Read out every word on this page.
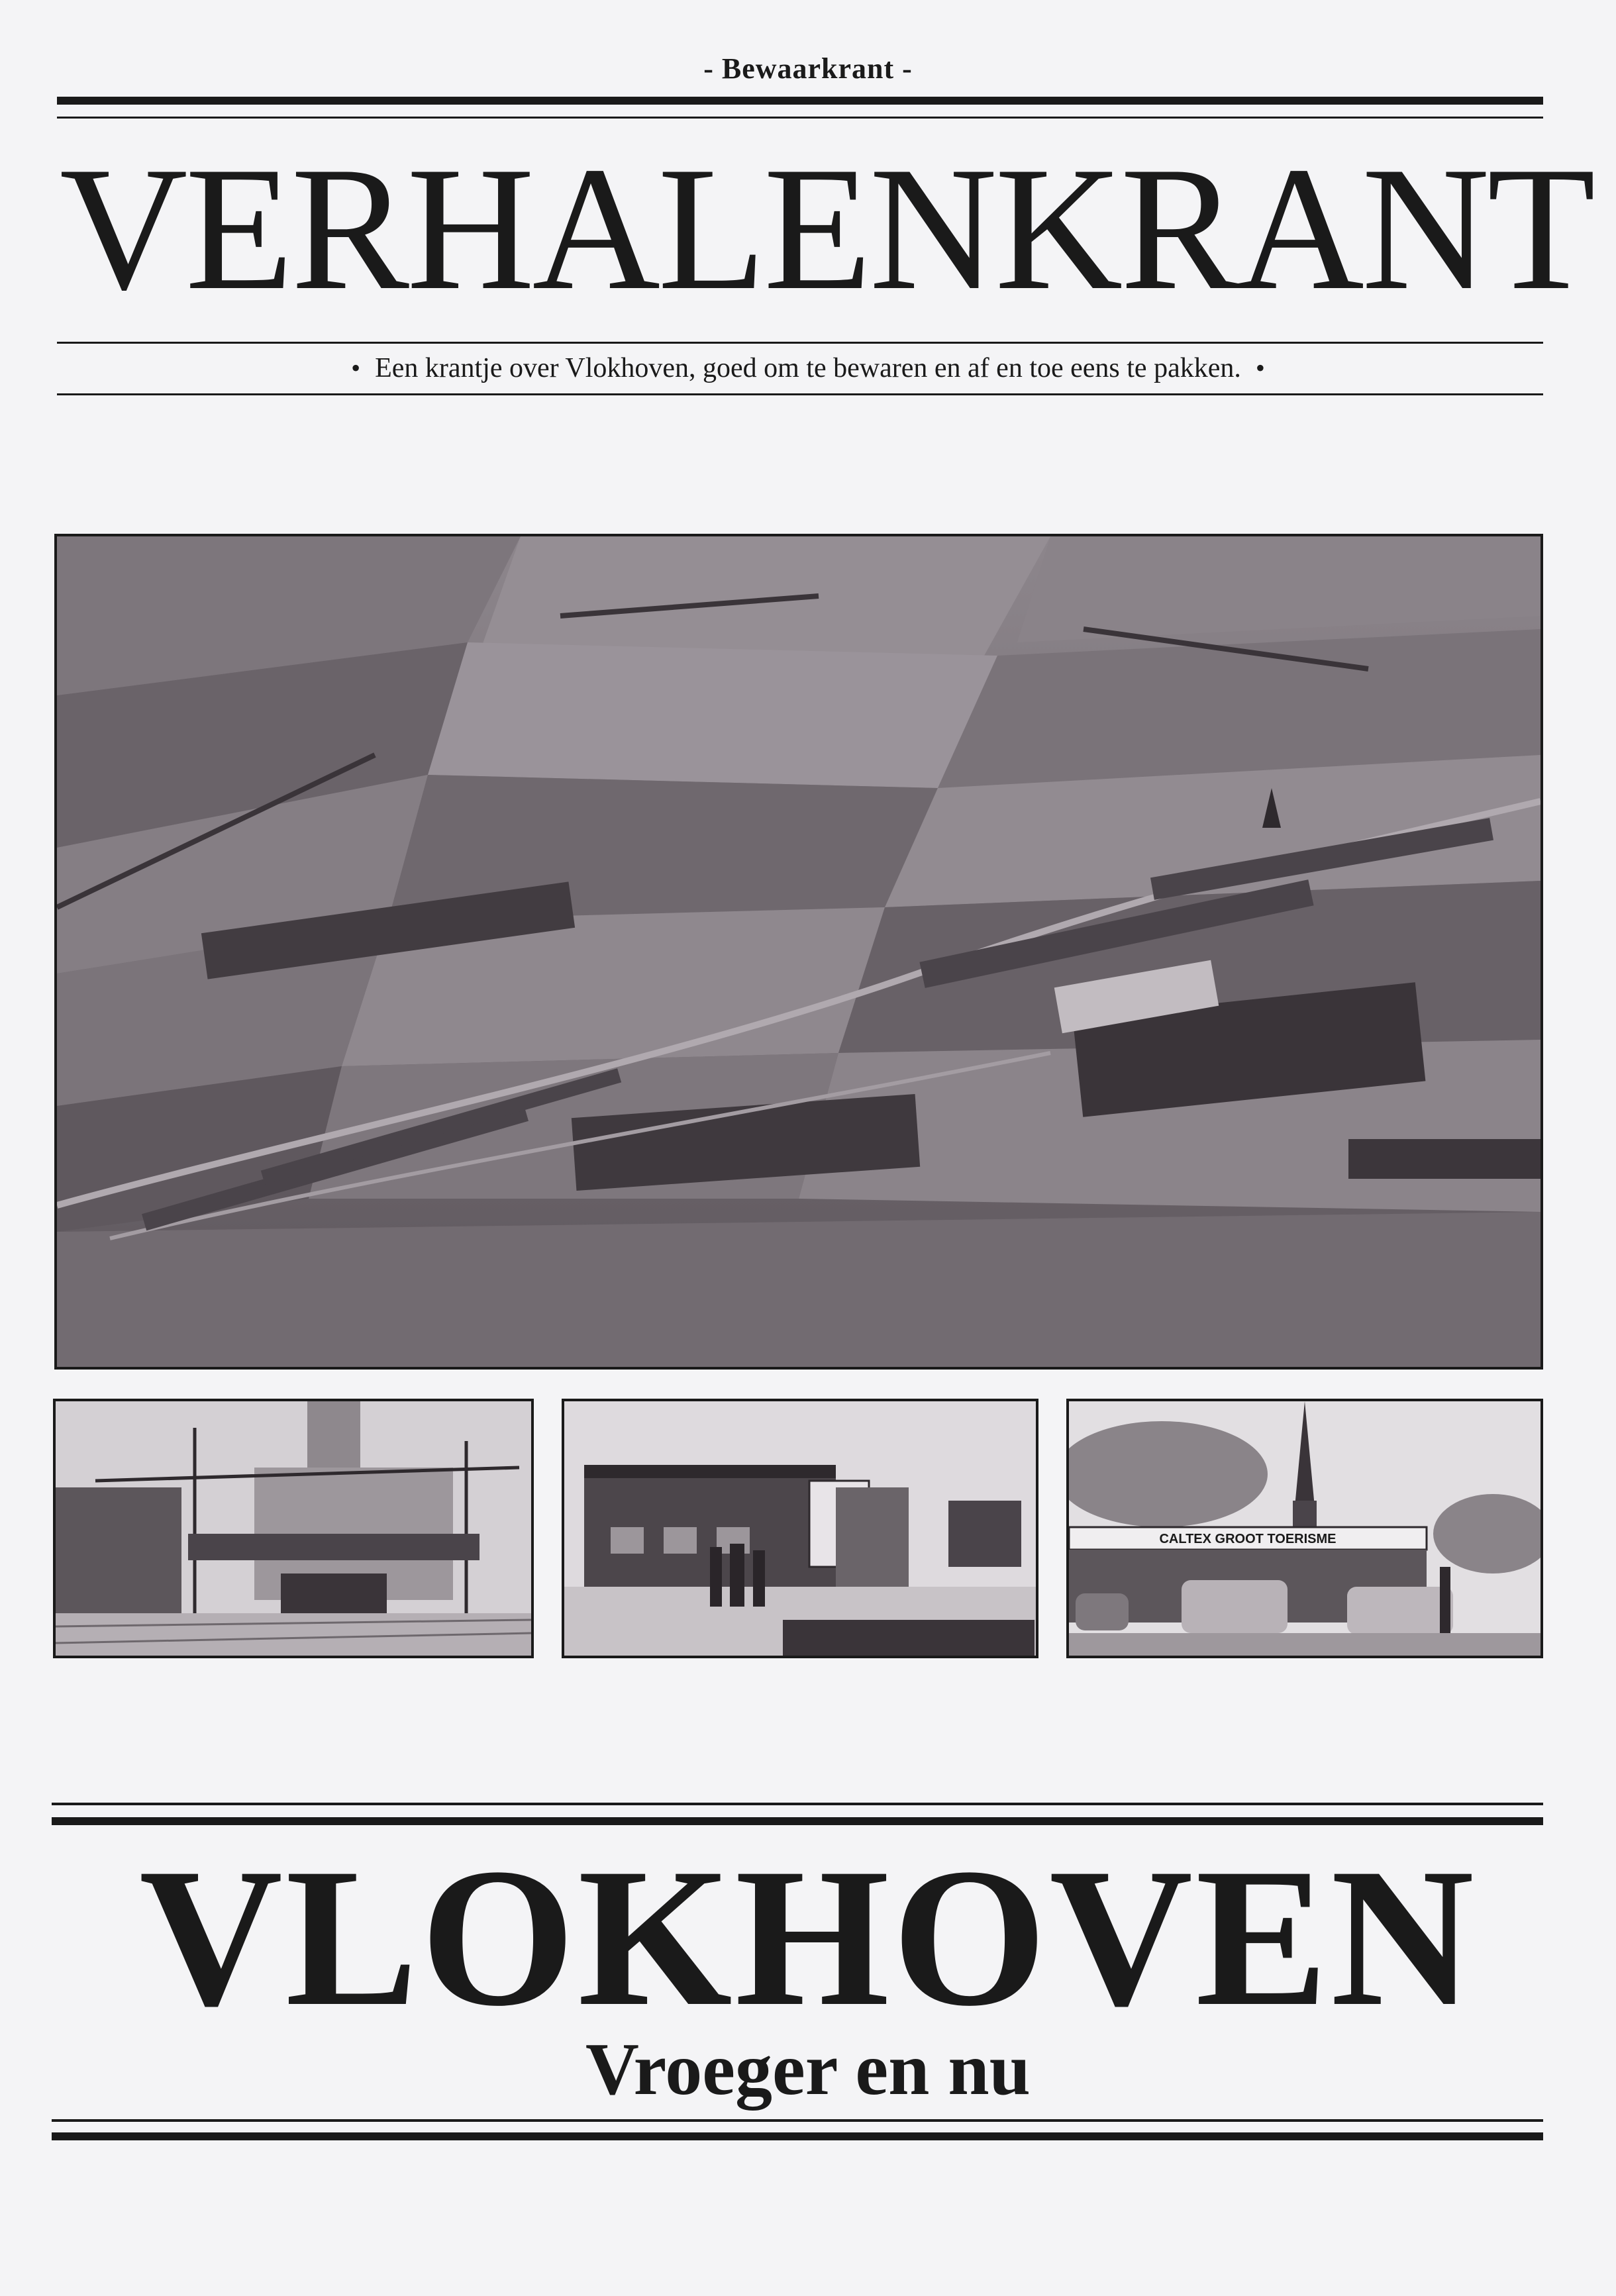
- Bewaarkrant -
VERHALENKRANT
• Een krantje over Vlokhoven, goed om te bewaren en af en toe eens te pakken. •
CALTEX GROOT TOERISME
VLOKHOVEN
Vroeger en nu
